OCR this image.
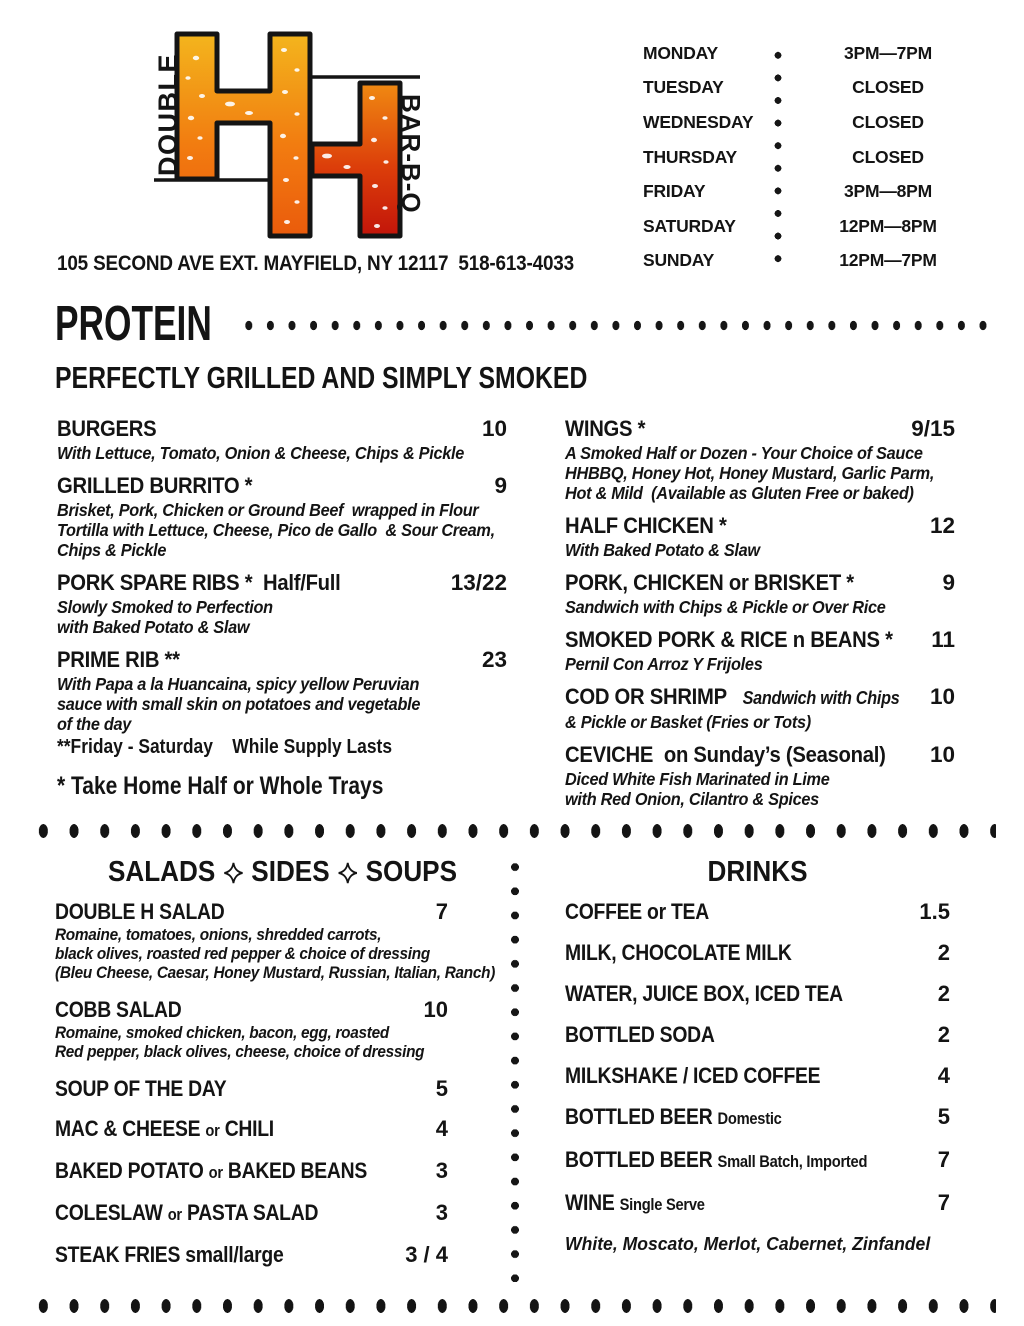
DOUBLE	BAR-B-Q
105 SECOND AVE EXT. MAYFIELD, NY 12117  518-613-4033
MONDAY	3PM—7PM
TUESDAY	CLOSED
WEDNESDAY	CLOSED
THURSDAY	CLOSED
FRIDAY	3PM—8PM
SATURDAY	12PM—8PM
SUNDAY	12PM—7PM
PROTEIN
PERFECTLY GRILLED AND SIMPLY SMOKED
BURGERS	10
With Lettuce, Tomato, Onion & Cheese, Chips & Pickle
GRILLED BURRITO *	9
Brisket, Pork, Chicken or Ground Beef  wrapped in Flour
Tortilla with Lettuce, Cheese, Pico de Gallo  & Sour Cream,
Chips & Pickle
PORK SPARE RIBS *  Half/Full	13/22
Slowly Smoked to Perfection
with Baked Potato & Slaw
PRIME RIB **	23
With Papa a la Huancaina, spicy yellow Peruvian
sauce with small skin on potatoes and vegetable
of the day
**Friday - Saturday    While Supply Lasts
* Take Home Half or Whole Trays
WINGS *	9/15
A Smoked Half or Dozen - Your Choice of Sauce
HHBBQ, Honey Hot, Honey Mustard, Garlic Parm,
Hot & Mild  (Available as Gluten Free or baked)
HALF CHICKEN *	12
With Baked Potato & Slaw
PORK, CHICKEN or BRISKET *	9
Sandwich with Chips & Pickle or Over Rice
SMOKED PORK & RICE n BEANS *	11
Pernil Con Arroz Y Frijoles
COD OR SHRIMP   Sandwich with Chips	10
& Pickle or Basket (Fries or Tots)
CEVICHE  on Sunday’s (Seasonal)	10
Diced White Fish Marinated in Lime
with Red Onion, Cilantro & Spices
SALADS SIDES SOUPS
DOUBLE H SALAD	7
Romaine, tomatoes, onions, shredded carrots,
black olives, roasted red pepper & choice of dressing
(Bleu Cheese, Caesar, Honey Mustard, Russian, Italian, Ranch)
COBB SALAD	10
Romaine, smoked chicken, bacon, egg, roasted
Red pepper, black olives, cheese, choice of dressing
SOUP OF THE DAY	5
MAC & CHEESE or CHILI	4
BAKED POTATO or BAKED BEANS	3
COLESLAW or PASTA SALAD	3
STEAK FRIES small/large	3 / 4
DRINKS
COFFEE or TEA	1.5
MILK, CHOCOLATE MILK	2
WATER, JUICE BOX, ICED TEA	2
BOTTLED SODA	2
MILKSHAKE / ICED COFFEE	4
BOTTLED BEER Domestic	5
BOTTLED BEER Small Batch, Imported	7
WINE Single Serve	7
White, Moscato, Merlot, Cabernet, Zinfandel
